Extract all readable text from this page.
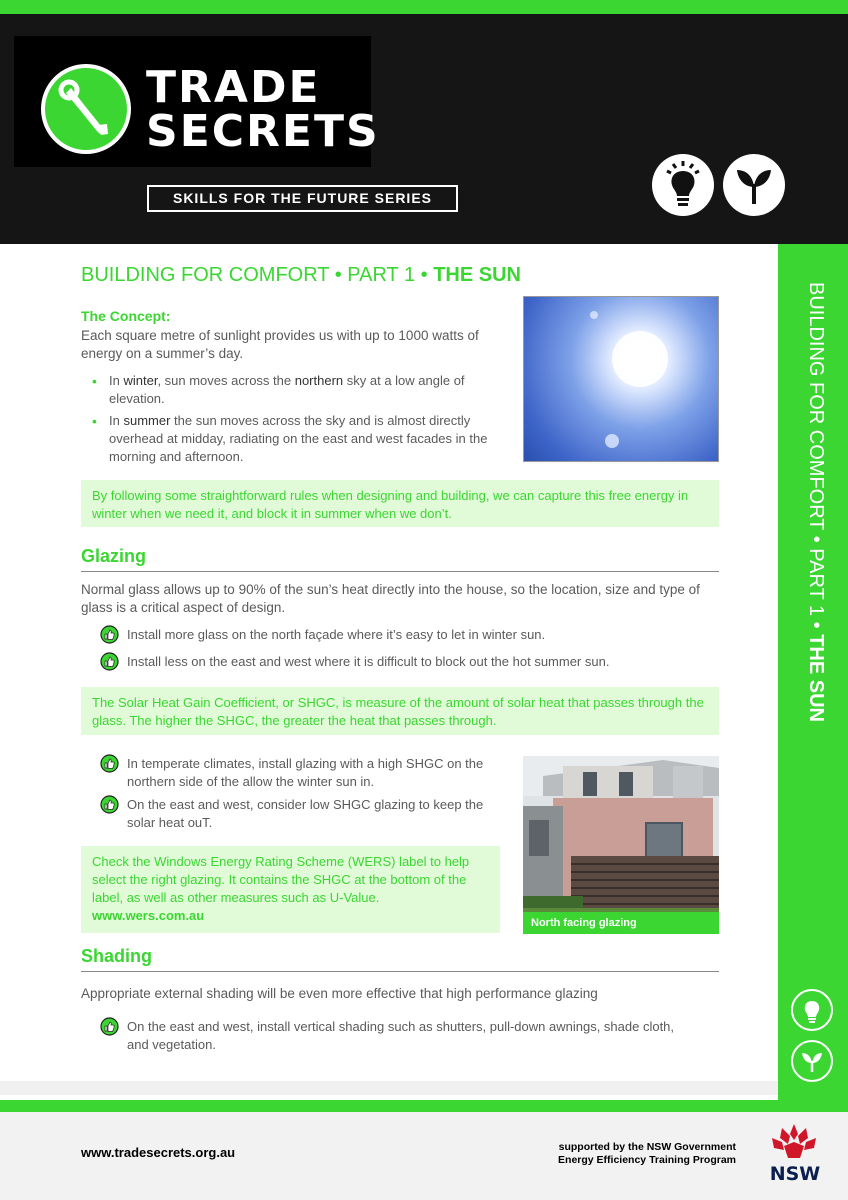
TRADE
SECRETS
SKILLS FOR THE FUTURE SERIES
BUILDING FOR COMFORT • PART 1 • THE SUN
BUILDING FOR COMFORT • PART 1 • THE SUN
The Concept:
Each square metre of sunlight provides us with up to 1000 watts of energy on a summer’s day.
• In winter, sun moves across the northern sky at a low angle of elevation.
• In summer the sun moves across the sky and is almost directly overhead at midday, radiating on the east and west facades in the morning and afternoon.
By following some straightforward rules when designing and building, we can capture this free energy in winter when we need it, and block it in summer when we don’t.
Glazing
Normal glass allows up to 90% of the sun’s heat directly into the house, so the location, size and type of glass is a critical aspect of design.
Install more glass on the north façade where it’s easy to let in winter sun.
Install less on the east and west where it is difficult to block out the hot summer sun.
The Solar Heat Gain Coefficient, or SHGC, is measure of the amount of solar heat that passes through the glass. The higher the SHGC, the greater the heat that passes through.
In temperate climates, install glazing with a high SHGC on the northern side of the allow the winter sun in.
On the east and west, consider low SHGC glazing to keep the solar heat ouT.
Check the Windows Energy Rating Scheme (WERS) label to help select the right glazing. It contains the SHGC at the bottom of the label, as well as other measures such as U-Value.
www.wers.com.au	North facing glazing
Shading
Appropriate external shading will be even more effective that high performance glazing
On the east and west, install vertical shading such as shutters, pull-down awnings, shade cloth, and vegetation.
www.tradesecrets.org.au	supported by the NSW Government
Energy Efficiency Training Program
NSW
